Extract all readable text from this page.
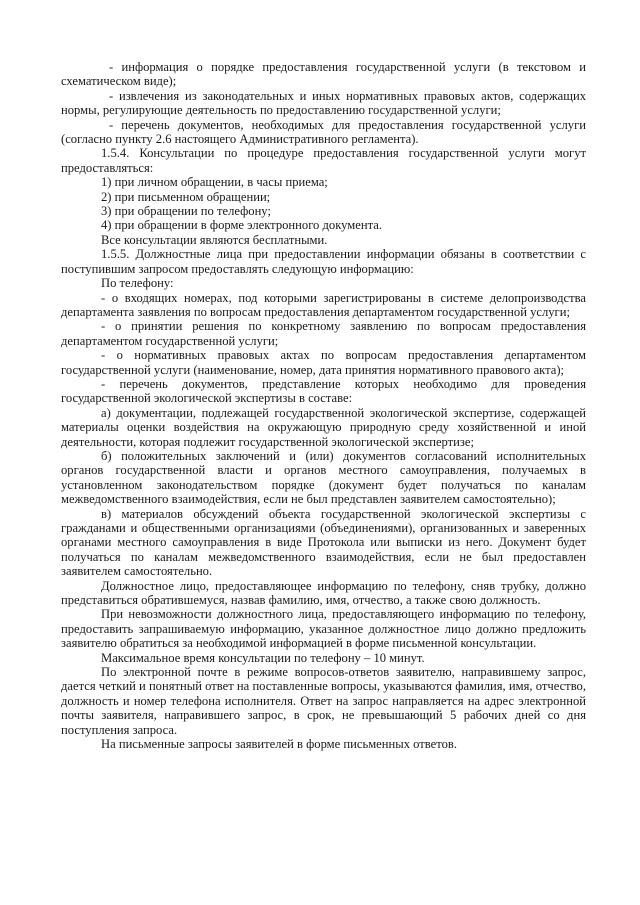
- информация о порядке предоставления государственной услуги (в текстовом и схематическом виде);

- извлечения из законодательных и иных нормативных правовых актов, содержащих нормы, регулирующие деятельность по предоставлению государственной услуги;

- перечень документов, необходимых для предоставления государственной услуги (согласно пункту 2.6 настоящего Административного регламента).

1.5.4. Консультации по процедуре предоставления государственной услуги могут предоставляться:

1) при личном обращении, в часы приема;

2) при письменном обращении;

3) при обращении по телефону;

4) при обращении в форме электронного документа.

Все консультации являются бесплатными.

1.5.5. Должностные лица при предоставлении информации обязаны в соответствии с поступившим запросом предоставлять следующую информацию:

По телефону:

- о входящих номерах, под которыми зарегистрированы в системе делопроизводства департамента заявления по вопросам предоставления департаментом государственной услуги;

- о принятии решения по конкретному заявлению по вопросам предоставления департаментом государственной услуги;

- о нормативных правовых актах по вопросам предоставления департаментом государственной услуги (наименование, номер, дата принятия нормативного правового акта);

- перечень документов, представление которых необходимо для проведения государственной экологической экспертизы в составе:

а) документации, подлежащей государственной экологической экспертизе, содержащей материалы оценки воздействия на окружающую природную среду хозяйственной и иной деятельности, которая подлежит государственной экологической экспертизе;

б) положительных заключений и (или) документов согласований исполнительных органов государственной власти и органов местного самоуправления, получаемых в установленном законодательством порядке (документ будет получаться по каналам межведомственного взаимодействия, если не был представлен заявителем самостоятельно);

в) материалов обсуждений объекта государственной экологической экспертизы с гражданами и общественными организациями (объединениями), организованных и заверенных органами местного самоуправления в виде Протокола или выписки из него. Документ будет получаться по каналам межведомственного взаимодействия, если не был предоставлен заявителем самостоятельно.

Должностное лицо, предоставляющее информацию по телефону, сняв трубку, должно представиться обратившемуся, назвав фамилию, имя, отчество, а также свою должность.

При невозможности должностного лица, предоставляющего информацию по телефону, предоставить запрашиваемую информацию, указанное должностное лицо должно предложить заявителю обратиться за необходимой информацией в форме письменной консультации.

Максимальное время консультации по телефону – 10 минут.

По электронной почте в режиме вопросов-ответов заявителю, направившему запрос, дается четкий и понятный ответ на поставленные вопросы, указываются фамилия, имя, отчество, должность и номер телефона исполнителя. Ответ на запрос направляется на адрес электронной почты заявителя, направившего запрос, в срок, не превышающий 5 рабочих дней со дня поступления запроса.

На письменные запросы заявителей в форме письменных ответов.
